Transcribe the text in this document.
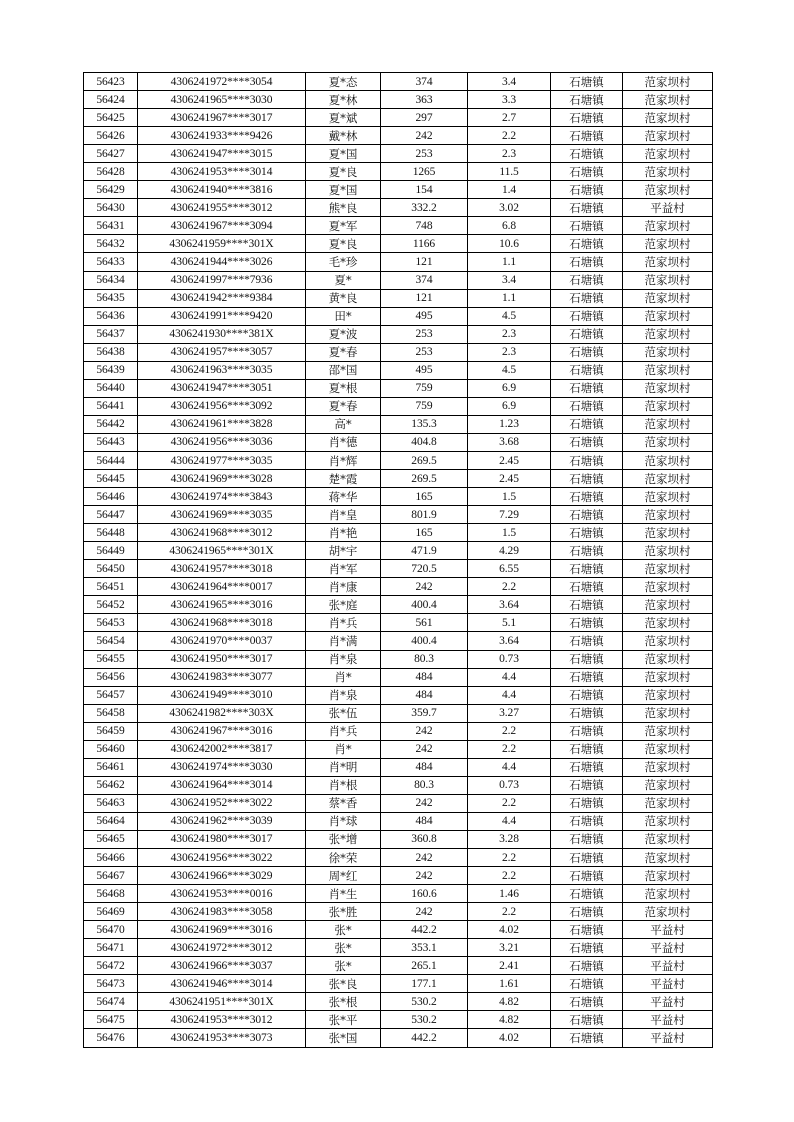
56423	4306241972****3054	夏*态	374	3.4	石塘镇	范家坝村
56424	4306241965****3030	夏*林	363	3.3	石塘镇	范家坝村
56425	4306241967****3017	夏*斌	297	2.7	石塘镇	范家坝村
56426	4306241933****9426	戴*林	242	2.2	石塘镇	范家坝村
56427	4306241947****3015	夏*国	253	2.3	石塘镇	范家坝村
56428	4306241953****3014	夏*良	1265	11.5	石塘镇	范家坝村
56429	4306241940****3816	夏*国	154	1.4	石塘镇	范家坝村
56430	4306241955****3012	熊*良	332.2	3.02	石塘镇	平益村
56431	4306241967****3094	夏*军	748	6.8	石塘镇	范家坝村
56432	4306241959****301X	夏*良	1166	10.6	石塘镇	范家坝村
56433	4306241944****3026	毛*珍	121	1.1	石塘镇	范家坝村
56434	4306241997****7936	夏*	374	3.4	石塘镇	范家坝村
56435	4306241942****9384	黄*良	121	1.1	石塘镇	范家坝村
56436	4306241991****9420	田*	495	4.5	石塘镇	范家坝村
56437	4306241930****381X	夏*波	253	2.3	石塘镇	范家坝村
56438	4306241957****3057	夏*春	253	2.3	石塘镇	范家坝村
56439	4306241963****3035	邵*国	495	4.5	石塘镇	范家坝村
56440	4306241947****3051	夏*根	759	6.9	石塘镇	范家坝村
56441	4306241956****3092	夏*春	759	6.9	石塘镇	范家坝村
56442	4306241961****3828	高*	135.3	1.23	石塘镇	范家坝村
56443	4306241956****3036	肖*德	404.8	3.68	石塘镇	范家坝村
56444	4306241977****3035	肖*辉	269.5	2.45	石塘镇	范家坝村
56445	4306241969****3028	楚*霞	269.5	2.45	石塘镇	范家坝村
56446	4306241974****3843	蒋*华	165	1.5	石塘镇	范家坝村
56447	4306241969****3035	肖*皇	801.9	7.29	石塘镇	范家坝村
56448	4306241968****3012	肖*艳	165	1.5	石塘镇	范家坝村
56449	4306241965****301X	胡*宇	471.9	4.29	石塘镇	范家坝村
56450	4306241957****3018	肖*军	720.5	6.55	石塘镇	范家坝村
56451	4306241964****0017	肖*康	242	2.2	石塘镇	范家坝村
56452	4306241965****3016	张*庭	400.4	3.64	石塘镇	范家坝村
56453	4306241968****3018	肖*兵	561	5.1	石塘镇	范家坝村
56454	4306241970****0037	肖*满	400.4	3.64	石塘镇	范家坝村
56455	4306241950****3017	肖*泉	80.3	0.73	石塘镇	范家坝村
56456	4306241983****3077	肖*	484	4.4	石塘镇	范家坝村
56457	4306241949****3010	肖*泉	484	4.4	石塘镇	范家坝村
56458	4306241982****303X	张*伍	359.7	3.27	石塘镇	范家坝村
56459	4306241967****3016	肖*兵	242	2.2	石塘镇	范家坝村
56460	4306242002****3817	肖*	242	2.2	石塘镇	范家坝村
56461	4306241974****3030	肖*明	484	4.4	石塘镇	范家坝村
56462	4306241964****3014	肖*根	80.3	0.73	石塘镇	范家坝村
56463	4306241952****3022	蔡*香	242	2.2	石塘镇	范家坝村
56464	4306241962****3039	肖*球	484	4.4	石塘镇	范家坝村
56465	4306241980****3017	张*增	360.8	3.28	石塘镇	范家坝村
56466	4306241956****3022	徐*荣	242	2.2	石塘镇	范家坝村
56467	4306241966****3029	周*红	242	2.2	石塘镇	范家坝村
56468	4306241953****0016	肖*生	160.6	1.46	石塘镇	范家坝村
56469	4306241983****3058	张*胜	242	2.2	石塘镇	范家坝村
56470	4306241969****3016	张*	442.2	4.02	石塘镇	平益村
56471	4306241972****3012	张*	353.1	3.21	石塘镇	平益村
56472	4306241966****3037	张*	265.1	2.41	石塘镇	平益村
56473	4306241946****3014	张*良	177.1	1.61	石塘镇	平益村
56474	4306241951****301X	张*根	530.2	4.82	石塘镇	平益村
56475	4306241953****3012	张*平	530.2	4.82	石塘镇	平益村
56476	4306241953****3073	张*国	442.2	4.02	石塘镇	平益村
